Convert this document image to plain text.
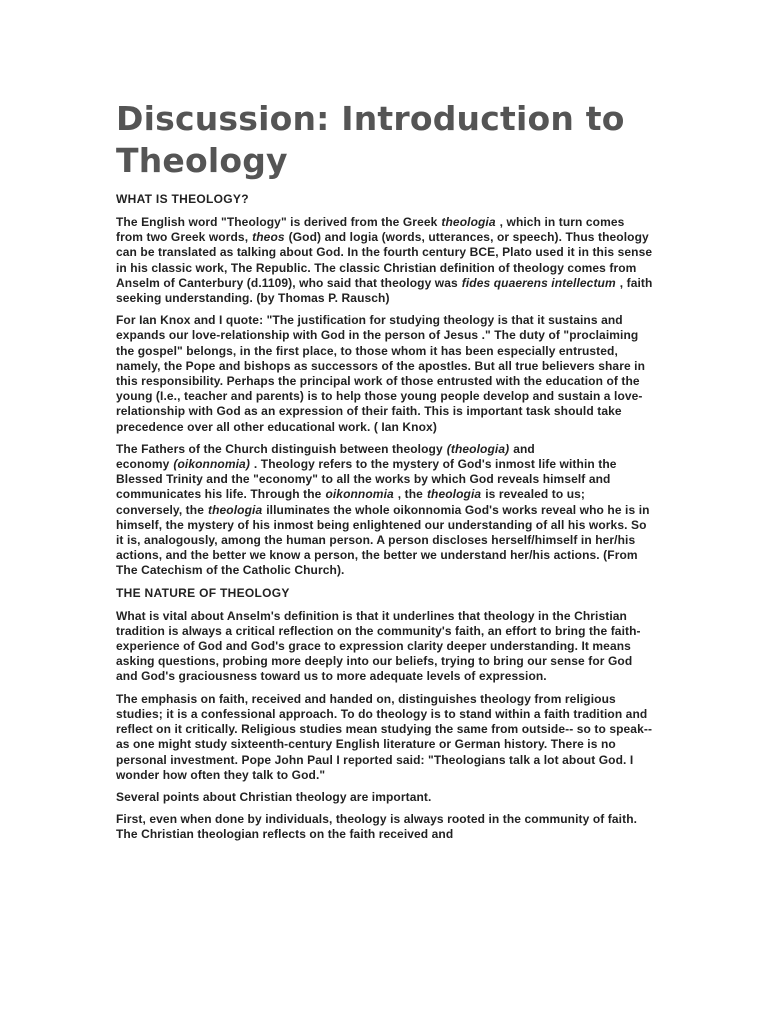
Discussion: Introduction to Theology
WHAT IS THEOLOGY?

The English word "Theology" is derived from the Greek theologia , which in turn comes from two Greek words, theos (God) and logia (words, utterances, or speech). Thus theology can be translated as talking about God. In the fourth century BCE, Plato used it in this sense in his classic work, The Republic. The classic Christian definition of theology comes from Anselm of Canterbury (d.1109), who said that theology was fides quaerens intellectum , faith seeking understanding. (by Thomas P. Rausch)

For Ian Knox and I quote: "The justification for studying theology is that it sustains and expands our love-relationship with God in the person of Jesus ." The duty of "proclaiming the gospel" belongs, in the first place, to those whom it has been especially entrusted, namely, the Pope and bishops as successors of the apostles. But all true believers share in this responsibility. Perhaps the principal work of those entrusted with the education of the young (I.e., teacher and parents) is to help those young people develop and sustain a love-relationship with God as an expression of their faith. This is important task should take precedence over all other educational work. ( Ian Knox)

The Fathers of the Church distinguish between theology (theologia) and economy (oikonnomia) . Theology refers to the mystery of God's inmost life within the Blessed Trinity and the "economy" to all the works by which God reveals himself and communicates his life. Through the oikonnomia , the theologia is revealed to us; conversely, the theologia illuminates the whole oikonnomia God's works reveal who he is in himself, the mystery of his inmost being enlightened our understanding of all his works. So it is, analogously, among the human person. A person discloses herself/himself in her/his actions, and the better we know a person, the better we understand her/his actions. (From The Catechism of the Catholic Church).

THE NATURE OF THEOLOGY

What is vital about Anselm's definition is that it underlines that theology in the Christian tradition is always a critical reflection on the community's faith, an effort to bring the faith- experience of God and God's grace to expression clarity deeper understanding. It means asking questions, probing more deeply into our beliefs, trying to bring our sense for God and God's graciousness toward us to more adequate levels of expression.

The emphasis on faith, received and handed on, distinguishes theology from religious studies; it is a confessional approach. To do theology is to stand within a faith tradition and reflect on it critically. Religious studies mean studying the same from outside-- so to speak-- as one might study sixteenth-century English literature or German history. There is no personal investment. Pope John Paul I reported said: "Theologians talk a lot about God. I wonder how often they talk to God."

Several points about Christian theology are important.

First, even when done by individuals, theology is always rooted in the community of faith. The Christian theologian reflects on the faith received and
